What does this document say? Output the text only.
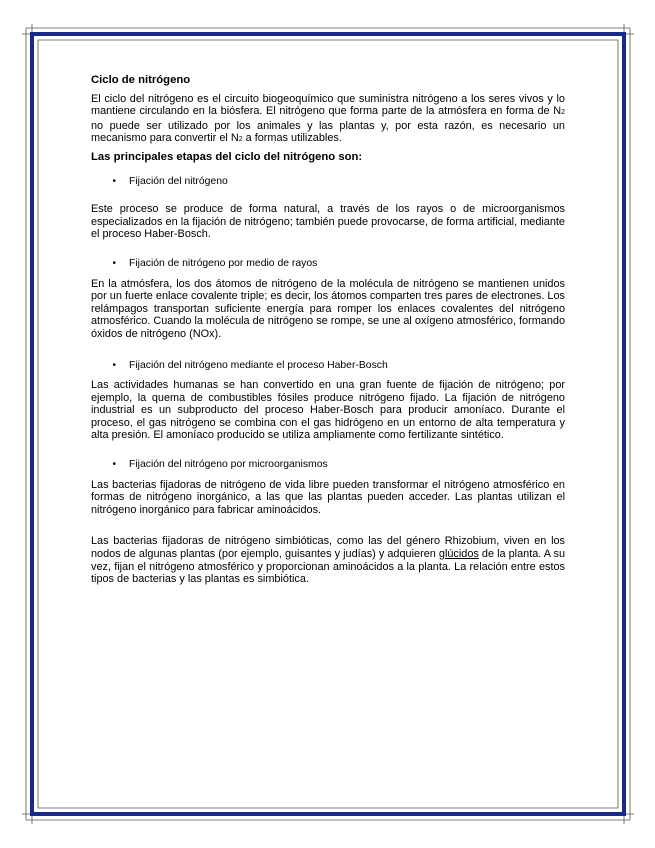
Ciclo de nitrógeno

El ciclo del nitrógeno es el circuito biogeoquímico que suministra nitrógeno a los seres vivos y lo mantiene circulando en la biósfera. El nitrógeno que forma parte de la atmósfera en forma de N2 no puede ser utilizado por los animales y las plantas y, por esta razón, es necesario un mecanismo para convertir el N2 a formas utilizables.

Las principales etapas del ciclo del nitrógeno son:

•	Fijación del nitrógeno

Este proceso se produce de forma natural, a través de los rayos o de microorganismos especializados en la fijación de nitrógeno; también puede provocarse, de forma artificial, mediante el proceso Haber-Bosch.

•	Fijación de nitrógeno por medio de rayos

En la atmósfera, los dos átomos de nitrógeno de la molécula de nitrógeno se mantienen unidos por un fuerte enlace covalente triple; es decir, los átomos comparten tres pares de electrones. Los relámpagos transportan suficiente energía para romper los enlaces covalentes del nitrógeno atmosférico. Cuando la molécula de nitrógeno se rompe, se une al oxígeno atmosférico, formando óxidos de nitrógeno (NOx).

•	Fijación del nitrógeno mediante el proceso Haber-Bosch

Las actividades humanas se han convertido en una gran fuente de fijación de nitrógeno; por ejemplo, la quema de combustibles fósiles produce nitrógeno fijado. La fijación de nitrógeno industrial es un subproducto del proceso Haber-Bosch para producir amoníaco. Durante el proceso, el gas nitrógeno se combina con el gas hidrógeno en un entorno de alta temperatura y alta presión. El amoníaco producido se utiliza ampliamente como fertilizante sintético.

•	Fijación del nitrógeno por microorganismos

Las bacterias fijadoras de nitrógeno de vida libre pueden transformar el nitrógeno atmosférico en formas de nitrógeno inorgánico, a las que las plantas pueden acceder. Las plantas utilizan el nitrógeno inorgánico para fabricar aminoácidos.

Las bacterias fijadoras de nitrógeno simbióticas, como las del género Rhizobium, viven en los nodos de algunas plantas (por ejemplo, guisantes y judías) y adquieren glúcidos de la planta. A su vez, fijan el nitrógeno atmosférico y proporcionan aminoácidos a la planta. La relación entre estos tipos de bacterias y las plantas es simbiótica.
